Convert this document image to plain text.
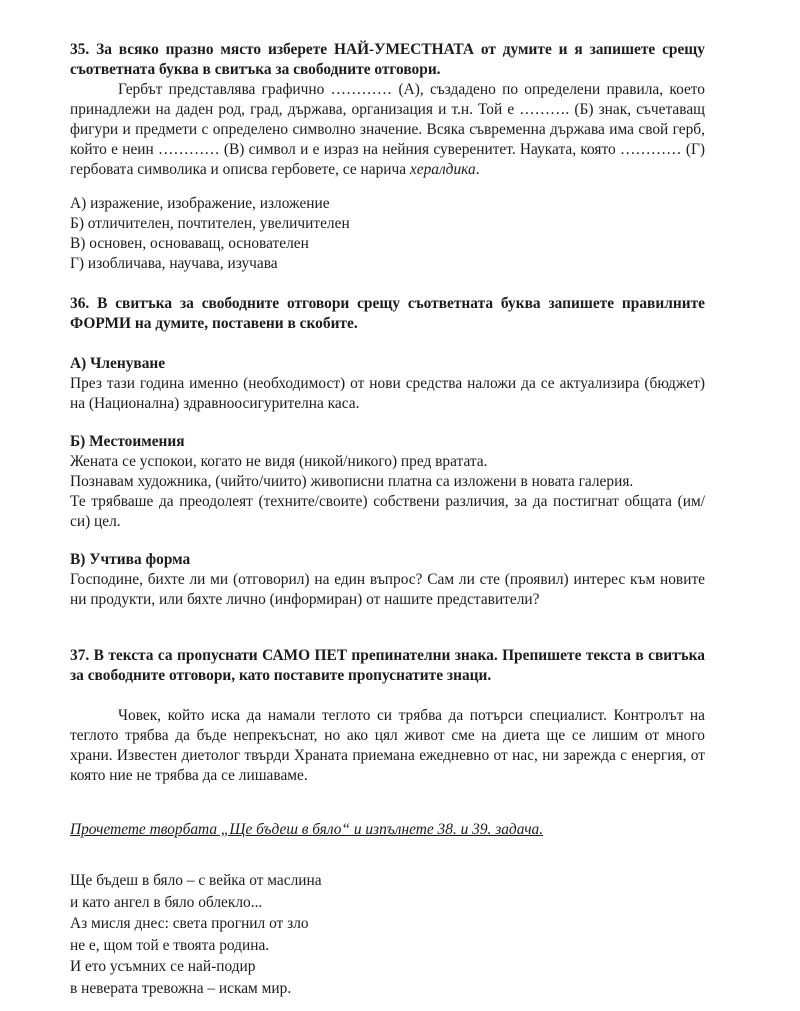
35. За всяко празно място изберете НАЙ-УМЕСТНАТА от думите и я запишете срещу съответната буква в свитъка за свободните отговори.

Гербът представлява графично ………… (А), създадено по определени правила, което принадлежи на даден род, град, държава, организация и т.н. Той е ………. (Б) знак, съчетаващ фигури и предмети с определено символно значение. Всяка съвременна държава има свой герб, който е неин ………… (В) символ и е израз на нейния суверенитет. Науката, която ………… (Г) гербовата символика и описва гербовете, се нарича хералдика.

А) изражение, изображение, изложение
Б) отличителен, почтителен, увеличителен
В) основен, основаващ, основателен
Г) изобличава, научава, изучава

36. В свитъка за свободните отговори срещу съответната буква запишете правилните ФОРМИ на думите, поставени в скобите.

А) Членуване

През тази година именно (необходимост) от нови средства наложи да се актуализира (бюджет) на (Национална) здравноосигурителна каса.

Б) Местоимения

Жената се успокои, когато не видя (никой/никого) пред вратата.

Познавам художника, (чийто/чиито) живописни платна са изложени в новата галерия.

Те трябваше да преодолеят (техните/своите) собствени различия, за да постигнат общата (им/си) цел.

В) Учтива форма

Господине, бихте ли ми (отговорил) на един въпрос? Сам ли сте (проявил) интерес към новите ни продукти, или бяхте лично (информиран) от нашите представители?

37. В текста са пропуснати САМО ПЕТ препинателни знака. Препишете текста в свитъка за свободните отговори, като поставите пропуснатите знаци.

Човек, който иска да намали теглото си трябва да потърси специалист. Контролът на теглото трябва да бъде непрекъснат, но ако цял живот сме на диета ще се лишим от много храни. Известен диетолог твърди Храната приемана ежедневно от нас, ни зарежда с енергия, от която ние не трябва да се лишаваме.

Прочетете творбата „Ще бъдеш в бяло“ и изпълнете 38. и 39. задача.

Ще бъдеш в бяло – с вейка от маслина
и като ангел в бяло облекло...
Аз мисля днес: света прогнил от зло
не е, щом той е твоята родина.
И ето усъмних се най-подир
в неверата тревожна – искам мир.
